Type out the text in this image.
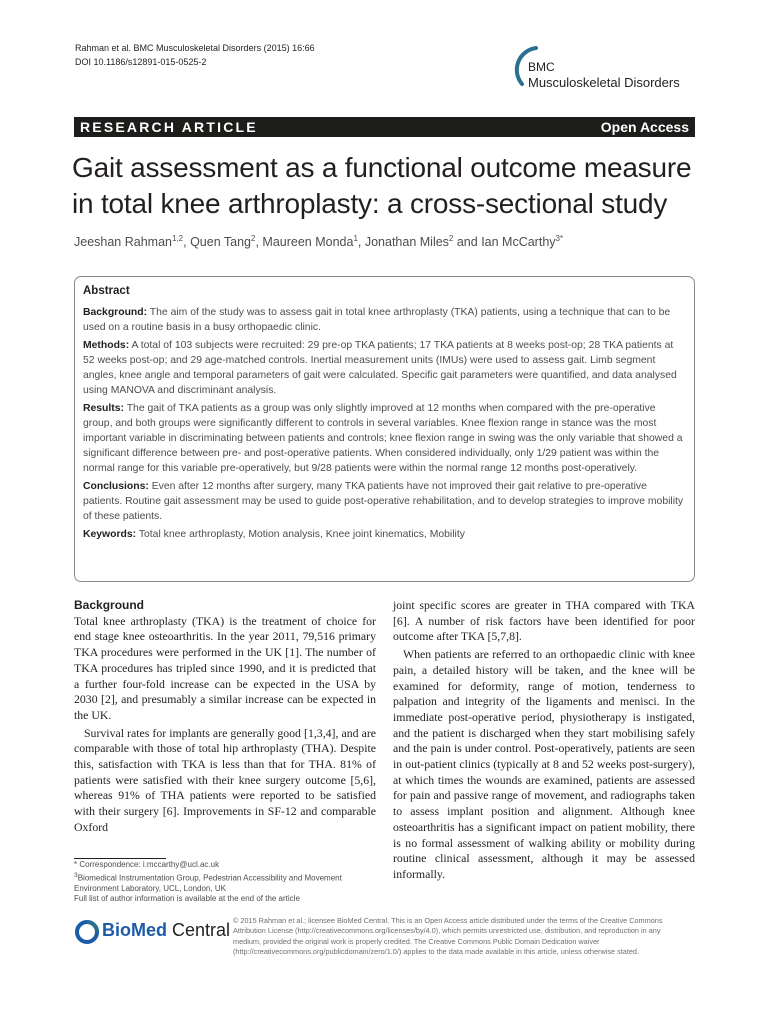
Rahman et al. BMC Musculoskeletal Disorders (2015) 16:66
DOI 10.1186/s12891-015-0525-2	BMC
Musculoskeletal Disorders
RESEARCH ARTICLE	Open Access
Gait assessment as a functional outcome measure in total knee arthroplasty: a cross-sectional study
Jeeshan Rahman$^{1,2}$, Quen Tang$^2$, Maureen Monda$^1$, Jonathan Miles$^2$ and Ian McCarthy$^{3*}$
Abstract

Background: The aim of the study was to assess gait in total knee arthroplasty (TKA) patients, using a technique that can to be used on a routine basis in a busy orthopaedic clinic.

Methods: A total of 103 subjects were recruited: 29 pre-op TKA patients; 17 TKA patients at 8 weeks post-op; 28 TKA patients at 52 weeks post-op; and 29 age-matched controls. Inertial measurement units (IMUs) were used to assess gait. Limb segment angles, knee angle and temporal parameters of gait were calculated. Specific gait parameters were quantified, and data analysed using MANOVA and discriminant analysis.

Results: The gait of TKA patients as a group was only slightly improved at 12 months when compared with the pre-operative group, and both groups were significantly different to controls in several variables. Knee flexion range in stance was the most important variable in discriminating between patients and controls; knee flexion range in swing was the only variable that showed a significant difference between pre- and post-operative patients. When considered individually, only 1/29 patient was within the normal range for this variable pre-operatively, but 9/28 patients were within the normal range 12 months post-operatively.

Conclusions: Even after 12 months after surgery, many TKA patients have not improved their gait relative to pre-operative patients. Routine gait assessment may be used to guide post-operative rehabilitation, and to develop strategies to improve mobility of these patients.

Keywords: Total knee arthroplasty, Motion analysis, Knee joint kinematics, Mobility

Background

Total knee arthroplasty (TKA) is the treatment of choice for end stage knee osteoarthritis. In the year 2011, 79,516 primary TKA procedures were performed in the UK [1]. The number of TKA procedures has tripled since 1990, and it is predicted that a further four-fold increase can be expected in the USA by 2030 [2], and presumably a similar increase can be expected in the UK.

Survival rates for implants are generally good [1,3,4], and are comparable with those of total hip arthroplasty (THA). Despite this, satisfaction with TKA is less than that for THA. 81% of patients were satisfied with their knee surgery outcome [5,6], whereas 91% of THA patients were reported to be satisfied with their surgery [6]. Improvements in SF-12 and comparable Oxford

joint specific scores are greater in THA compared with TKA [6]. A number of risk factors have been identified for poor outcome after TKA [5,7,8].

When patients are referred to an orthopaedic clinic with knee pain, a detailed history will be taken, and the knee will be examined for deformity, range of motion, tenderness to palpation and integrity of the ligaments and menisci. In the immediate post-operative period, physiotherapy is instigated, and the patient is discharged when they start mobilising safely and the pain is under control. Post-operatively, patients are seen in out-patient clinics (typically at 8 and 52 weeks post-surgery), at which times the wounds are examined, patients are assessed for pain and passive range of movement, and radiographs taken to assess implant position and alignment. Although knee osteoarthritis has a significant impact on patient mobility, there is no formal assessment of walking ability or mobility during routine clinical assessment, although it may be assessed informally.

* Correspondence: i.mccarthy@ucl.ac.uk
$^3$Biomedical Instrumentation Group, Pedestrian Accessibility and Movement Environment Laboratory, UCL, London, UK
Full list of author information is available at the end of the article
BioMed Central © 2015 Rahman et al.; licensee BioMed Central. This is an Open Access article distributed under the terms of the Creative Commons Attribution License (http://creativecommons.org/licenses/by/4.0), which permits unrestricted use, distribution, and reproduction in any medium, provided the original work is properly credited. The Creative Commons Public Domain Dedication waiver (http://creativecommons.org/publicdomain/zero/1.0/) applies to the data made available in this article, unless otherwise stated.
